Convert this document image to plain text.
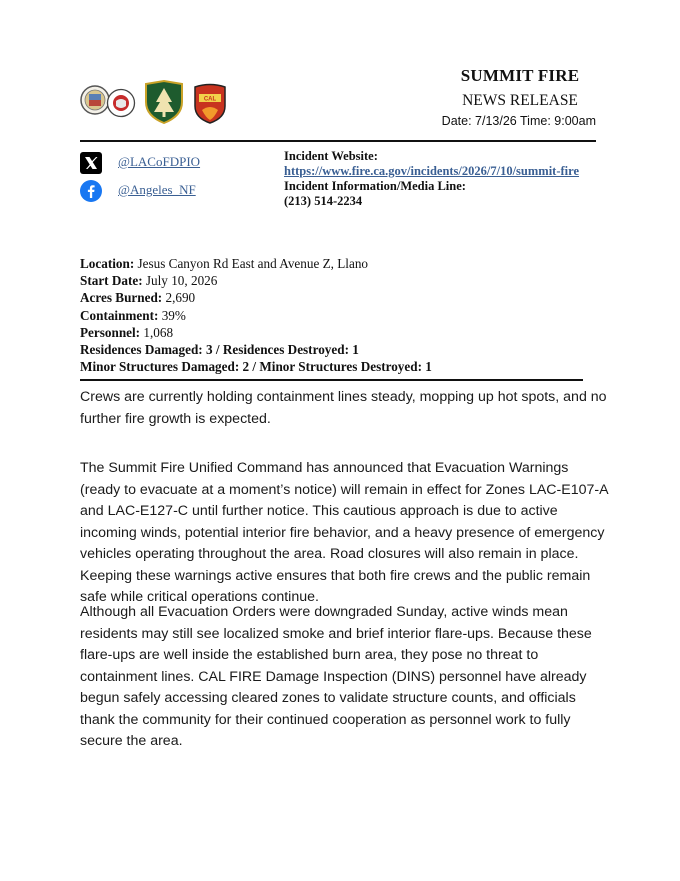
CAL
SUMMIT FIRE
NEWS RELEASE
Date: 7/13/26 Time: 9:00am
@LACoFDPIO
@Angeles_NF
Incident Website:
https://www.fire.ca.gov/incidents/2026/7/10/summit-fire
Incident Information/Media Line:
(213) 514-2234
Location: Jesus Canyon Rd East and Avenue Z, Llano
Start Date: July 10, 2026
Acres Burned: 2,690
Containment: 39%
Personnel: 1,068
Residences Damaged: 3 / Residences Destroyed: 1
Minor Structures Damaged: 2 / Minor Structures Destroyed: 1
Crews are currently holding containment lines steady, mopping up hot spots, and no further fire growth is expected.
The Summit Fire Unified Command has announced that Evacuation Warnings (ready to evacuate at a moment’s notice) will remain in effect for Zones LAC-E107-A and LAC-E127-C until further notice. This cautious approach is due to active incoming winds, potential interior fire behavior, and a heavy presence of emergency vehicles operating throughout the area. Road closures will also remain in place. Keeping these warnings active ensures that both fire crews and the public remain safe while critical operations continue.
Although all Evacuation Orders were downgraded Sunday, active winds mean residents may still see localized smoke and brief interior flare-ups. Because these flare-ups are well inside the established burn area, they pose no threat to containment lines. CAL FIRE Damage Inspection (DINS) personnel have already begun safely accessing cleared zones to validate structure counts, and officials thank the community for their continued cooperation as personnel work to fully secure the area.
